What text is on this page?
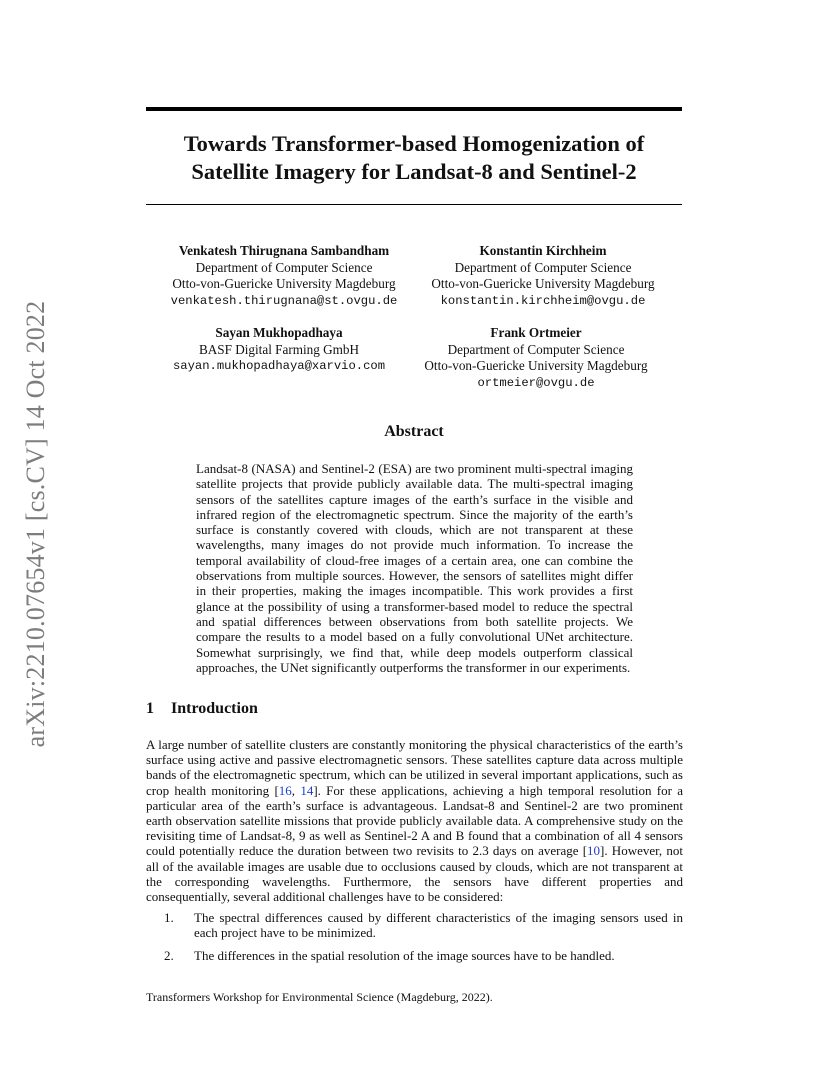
arXiv:2210.07654v1 [cs.CV] 14 Oct 2022
Towards Transformer-based Homogenization of
Satellite Imagery for Landsat-8 and Sentinel-2
Venkatesh Thirugnana Sambandham
Department of Computer Science
Otto-von-Guericke University Magdeburg
venkatesh.thirugnana@st.ovgu.de
Konstantin Kirchheim
Department of Computer Science
Otto-von-Guericke University Magdeburg
konstantin.kirchheim@ovgu.de
Sayan Mukhopadhaya
BASF Digital Farming GmbH
sayan.mukhopadhaya@xarvio.com
Frank Ortmeier
Department of Computer Science
Otto-von-Guericke University Magdeburg
ortmeier@ovgu.de
Abstract

Landsat-8 (NASA) and Sentinel-2 (ESA) are two prominent multi-spectral imaging satellite projects that provide publicly available data. The multi-spectral imaging sensors of the satellites capture images of the earth’s surface in the visible and infrared region of the electromagnetic spectrum. Since the majority of the earth’s surface is constantly covered with clouds, which are not transparent at these wavelengths, many images do not provide much information. To increase the temporal availability of cloud-free images of a certain area, one can combine the observations from multiple sources. However, the sensors of satellites might differ in their properties, making the images incompatible. This work provides a first glance at the possibility of using a transformer-based model to reduce the spectral and spatial differences between observations from both satellite projects. We compare the results to a model based on a fully convolutional UNet architecture. Somewhat surprisingly, we find that, while deep models outperform classical approaches, the UNet significantly outperforms the transformer in our experiments.

1 Introduction

A large number of satellite clusters are constantly monitoring the physical characteristics of the earth’s surface using active and passive electromagnetic sensors. These satellites capture data across multiple bands of the electromagnetic spectrum, which can be utilized in several important applications, such as crop health monitoring [16, 14]. For these applications, achieving a high temporal resolution for a particular area of the earth’s surface is advantageous. Landsat-8 and Sentinel-2 are two prominent earth observation satellite missions that provide publicly available data. A comprehensive study on the revisiting time of Landsat-8, 9 as well as Sentinel-2 A and B found that a combination of all 4 sensors could potentially reduce the duration between two revisits to 2.3 days on average [10]. However, not all of the available images are usable due to occlusions caused by clouds, which are not transparent at the corresponding wavelengths. Furthermore, the sensors have different properties and consequentially, several additional challenges have to be considered:

1.	The spectral differences caused by different characteristics of the imaging sensors used in each project have to be minimized.
2.	The differences in the spatial resolution of the image sources have to be handled.
Transformers Workshop for Environmental Science (Magdeburg, 2022).
